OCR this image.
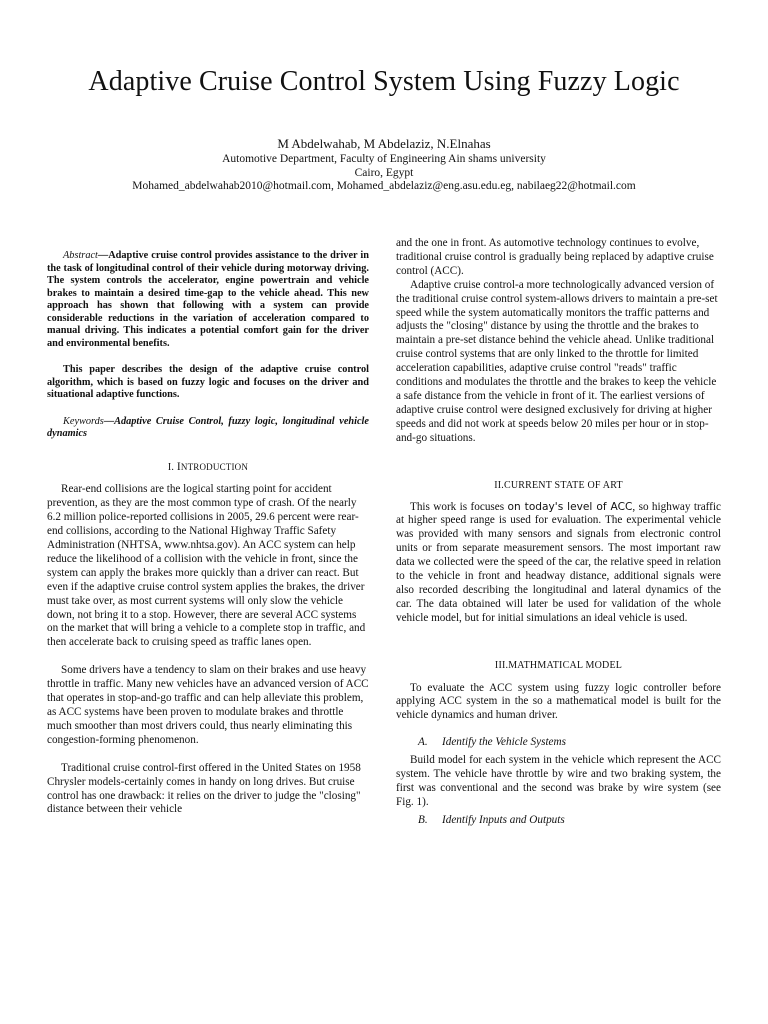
Adaptive Cruise Control System Using Fuzzy Logic
M Abdelwahab, M Abdelaziz, N.Elnahas
Automotive Department, Faculty of Engineering Ain shams university
Cairo, Egypt
Mohamed_abdelwahab2010@hotmail.com, Mohamed_abdelaziz@eng.asu.edu.eg, nabilaeg22@hotmail.com

Abstract—Adaptive cruise control provides assistance to the driver in the task of longitudinal control of their vehicle during motorway driving. The system controls the accelerator, engine powertrain and vehicle brakes to maintain a desired time-gap to the vehicle ahead. This new approach has shown that following with a system can provide considerable reductions in the variation of acceleration compared to manual driving. This indicates a potential comfort gain for the driver and environmental benefits.

This paper describes the design of the adaptive cruise control algorithm, which is based on fuzzy logic and focuses on the driver and situational adaptive functions.

Keywords—Adaptive Cruise Control, fuzzy logic, longitudinal vehicle dynamics

I. INTRODUCTION

Rear-end collisions are the logical starting point for accident prevention, as they are the most common type of crash. Of the nearly 6.2 million police-reported collisions in 2005, 29.6 percent were rear-end collisions, according to the National Highway Traffic Safety Administration (NHTSA, www.nhtsa.gov). An ACC system can help reduce the likelihood of a collision with the vehicle in front, since the system can apply the brakes more quickly than a driver can react. But even if the adaptive cruise control system applies the brakes, the driver must take over, as most current systems will only slow the vehicle down, not bring it to a stop. However, there are several ACC systems on the market that will bring a vehicle to a complete stop in traffic, and then accelerate back to cruising speed as traffic lanes open.

Some drivers have a tendency to slam on their brakes and use heavy throttle in traffic. Many new vehicles have an advanced version of ACC that operates in stop-and-go traffic and can help alleviate this problem, as ACC systems have been proven to modulate brakes and throttle much smoother than most drivers could, thus nearly eliminating this congestion-forming phenomenon.

Traditional cruise control-first offered in the United States on 1958 Chrysler models-certainly comes in handy on long drives. But cruise control has one drawback: it relies on the driver to judge the "closing" distance between their vehicle

and the one in front. As automotive technology continues to evolve, traditional cruise control is gradually being replaced by adaptive cruise control (ACC).

Adaptive cruise control-a more technologically advanced version of the traditional cruise control system-allows drivers to maintain a pre-set speed while the system automatically monitors the traffic patterns and adjusts the "closing" distance by using the throttle and the brakes to maintain a pre-set distance behind the vehicle ahead. Unlike traditional cruise control systems that are only linked to the throttle for limited acceleration capabilities, adaptive cruise control "reads" traffic conditions and modulates the throttle and the brakes to keep the vehicle a safe distance from the vehicle in front of it. The earliest versions of adaptive cruise control were designed exclusively for driving at higher speeds and did not work at speeds below 20 miles per hour or in stop-and-go situations.

II.CURRENT STATE OF ART

This work is focuses on today's level of ACC, so highway traffic at higher speed range is used for evaluation. The experimental vehicle was provided with many sensors and signals from electronic control units or from separate measurement sensors. The most important raw data we collected were the speed of the car, the relative speed in relation to the vehicle in front and headway distance, additional signals were also recorded describing the longitudinal and lateral dynamics of the car. The data obtained will later be used for validation of the whole vehicle model, but for initial simulations an ideal vehicle is used.

III.MATHMATICAL MODEL

To evaluate the ACC system using fuzzy logic controller before applying ACC system in the so a mathematical model is built for the vehicle dynamics and human driver.

A. Identify the Vehicle Systems

Build model for each system in the vehicle which represent the ACC system. The vehicle have throttle by wire and two braking system, the first was conventional and the second was brake by wire system (see Fig. 1).

B. Identify Inputs and Outputs
